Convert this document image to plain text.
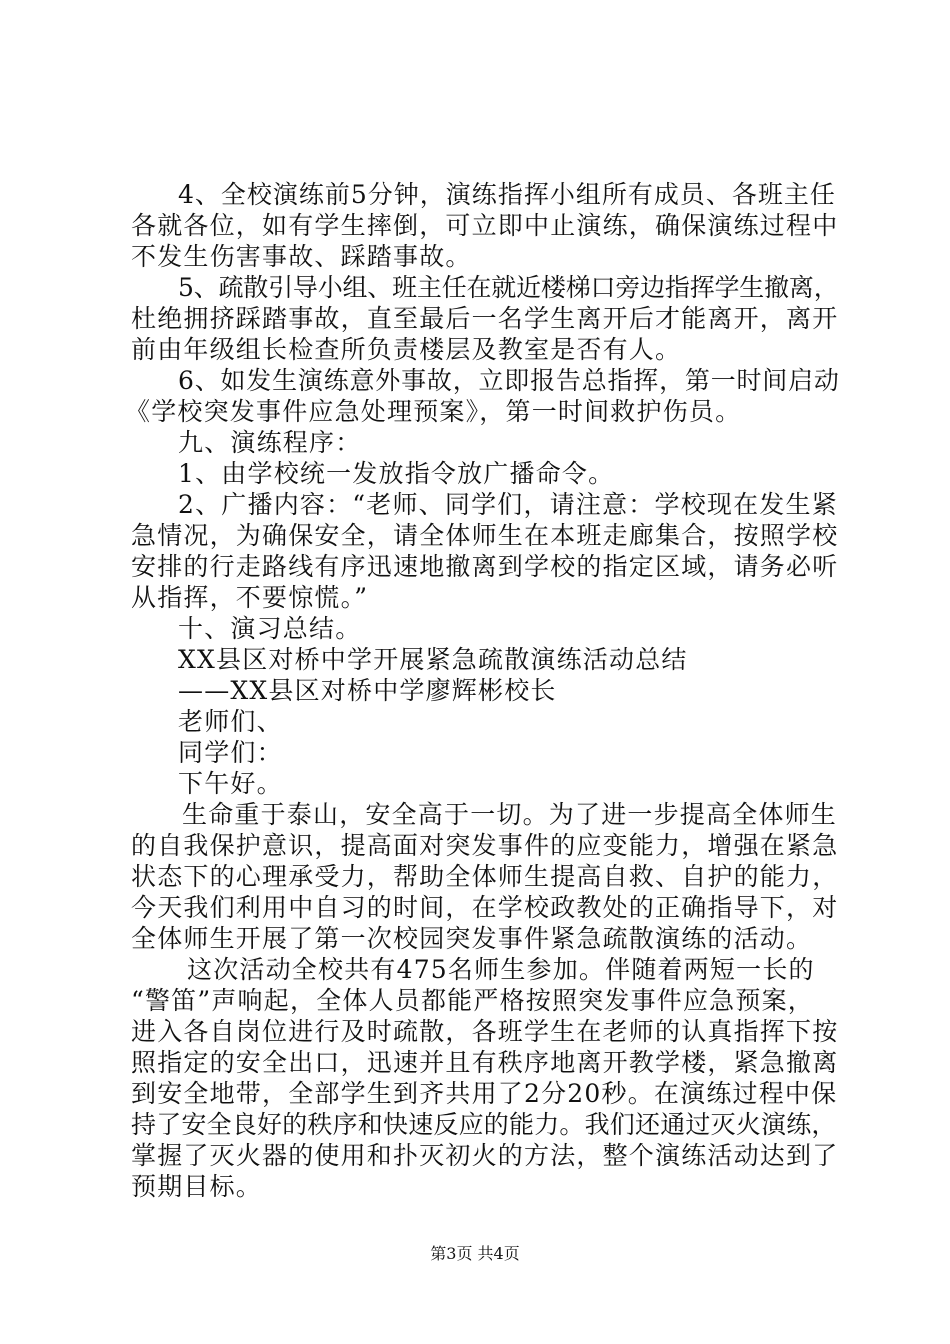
4、全校演练前5分钟，演练指挥小组所有成员、各班主任
各就各位，如有学生摔倒，可立即中止演练，确保演练过程中
不发生伤害事故、踩踏事故。
5、疏散引导小组、班主任在就近楼梯口旁边指挥学生撤离，
杜绝拥挤踩踏事故，直至最后一名学生离开后才能离开，离开
前由年级组长检查所负责楼层及教室是否有人。
6、如发生演练意外事故，立即报告总指挥，第一时间启动
《学校突发事件应急处理预案》，第一时间救护伤员。
九、演练程序：
1、由学校统一发放指令放广播命令。
2、广播内容：“老师、同学们，请注意：学校现在发生紧
急情况，为确保安全，请全体师生在本班走廊集合，按照学校
安排的行走路线有序迅速地撤离到学校的指定区域，请务必听
从指挥，不要惊慌。”
十、演习总结。
XX县区对桥中学开展紧急疏散演练活动总结
——XX县区对桥中学廖辉彬校长
老师们、
同学们：
下午好。
生命重于泰山，安全高于一切。为了进一步提高全体师生
的自我保护意识，提高面对突发事件的应变能力，增强在紧急
状态下的心理承受力，帮助全体师生提高自救、自护的能力，
今天我们利用中自习的时间，在学校政教处的正确指导下，对
全体师生开展了第一次校园突发事件紧急疏散演练的活动。
这次活动全校共有475名师生参加。伴随着两短一长的
“警笛”声响起，全体人员都能严格按照突发事件应急预案，
进入各自岗位进行及时疏散，各班学生在老师的认真指挥下按
照指定的安全出口，迅速并且有秩序地离开教学楼，紧急撤离
到安全地带，全部学生到齐共用了2分20秒。在演练过程中保
持了安全良好的秩序和快速反应的能力。我们还通过灭火演练，
掌握了灭火器的使用和扑灭初火的方法，整个演练活动达到了
预期目标。
第3页 共4页
